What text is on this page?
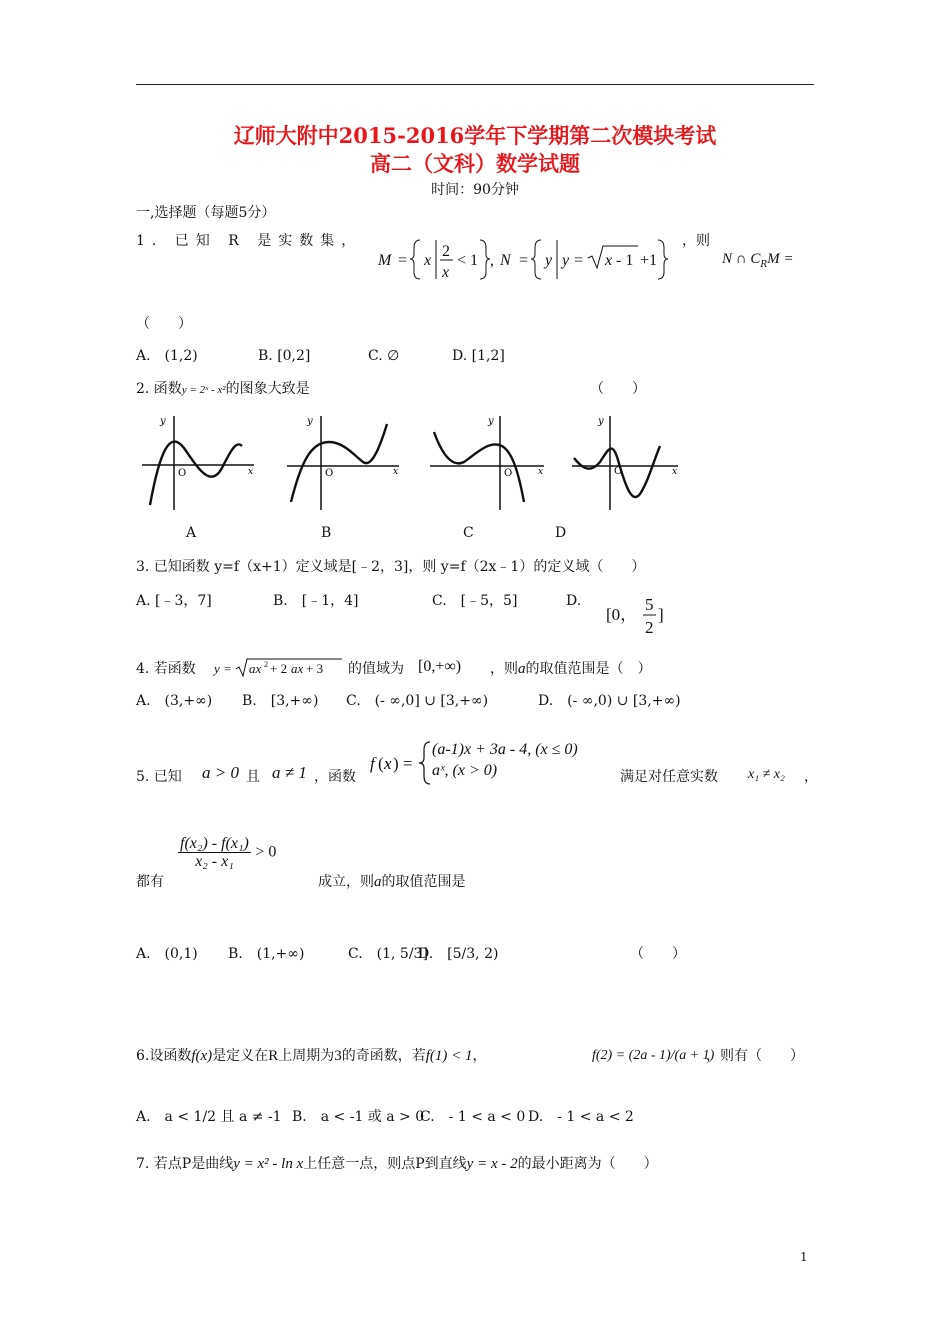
辽师大附中2015-2016学年下学期第二次模块考试
高二（文科）数学试题
时间：90分钟
一,选择题（每题5分）
1. 已知 R 是实数集，
M = x
2
x
< 1 , N = y y = x - 1 +1
，则
N ∩ $C_RM$ =
（　　）
A.　(1,2)	B. [0,2]	C. ∅	D. [1,2]
2. 函数y = 2ˣ - x²的图象大致是	（　　）
y
O	x
y
O	x
y
O	x
y
O	x
A	B	C	D
3. 已知函数 y=f（x+1）定义域是[﹣2，3]，则 y=f（2x﹣1）的定义域（　　）
A. [﹣3，7]	B.　[﹣1，4]	C.　[﹣5，5]	D.
[0，
5
2
]
4. 若函数 y = ax 2 + 2 ax + 3 的值域为 [0,+∞) ，则a的取值范围是（　）
A.　(3,+∞) B.　[3,+∞) C.　(- ∞,0] ∪ [3,+∞)	D.　(- ∞,0) ∪ [3,+∞)
5. 已知 a > 0 且 a ≠ 1 ，函数
f ( x ) =
(a-1)x + 3a - 4, (x ≤ 0)
aˣ, (x > 0)	满足对任意实数 x₁ ≠ x₂ ，
都有
$\frac{\text{f(x₂) - f(x₁)}}{\text{x₂ - x₁}} > 0$
成立，则a的取值范围是
A.　(0,1) B.　(1,+∞)	C.　(1, 5/3]
D.　[5/3, 2)	（　　）
6.设函数f(x)是定义在R上周期为3的奇函数，若f(1) < 1，	f(2) = (2a - 1)/(a + 1)
，则有（　　）
A.　a < 1/2 且 a ≠ -1 B.　a < -1 或 a > 0
C.　- 1 < a < 0 D.　- 1 < a < 2
7. 若点P是曲线y = x² - ln x上任意一点，则点P到直线y = x - 2的最小距离为（　　）
1
